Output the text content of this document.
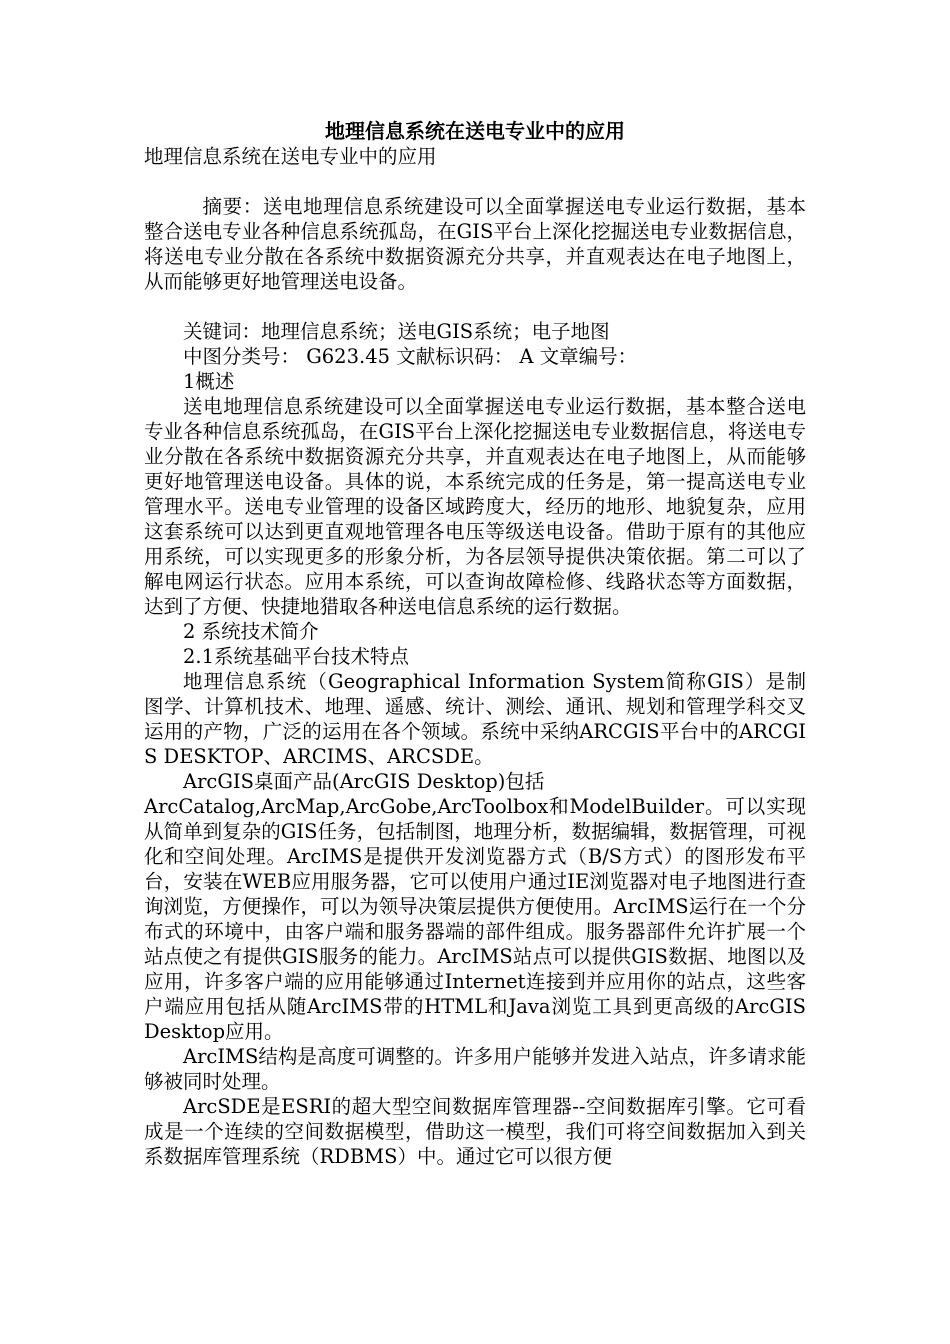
地理信息系统在送电专业中的应用

地理信息系统在送电专业中的应用

摘要：送电地理信息系统建设可以全面掌握送电专业运行数据，基本整合送电专业各种信息系统孤岛，在GIS平台上深化挖掘送电专业数据信息，将送电专业分散在各系统中数据资源充分共享，并直观表达在电子地图上，从而能够更好地管理送电设备。

关键词：地理信息系统；送电GIS系统；电子地图

中图分类号： G623.45 文献标识码： A 文章编号：

1概述

送电地理信息系统建设可以全面掌握送电专业运行数据，基本整合送电专业各种信息系统孤岛，在GIS平台上深化挖掘送电专业数据信息，将送电专业分散在各系统中数据资源充分共享，并直观表达在电子地图上，从而能够更好地管理送电设备。具体的说，本系统完成的任务是，第一提高送电专业管理水平。送电专业管理的设备区域跨度大，经历的地形、地貌复杂，应用这套系统可以达到更直观地管理各电压等级送电设备。借助于原有的其他应用系统，可以实现更多的形象分析，为各层领导提供决策依据。第二可以了解电网运行状态。应用本系统，可以查询故障检修、线路状态等方面数据，达到了方便、快捷地猎取各种送电信息系统的运行数据。

2 系统技术简介

2.1系统基础平台技术特点

地理信息系统（Geographical Information System简称GIS）是制图学、计算机技术、地理、遥感、统计、测绘、通讯、规划和管理学科交叉运用的产物，广泛的运用在各个领域。系统中采纳ARCGIS平台中的ARCGIS DESKTOP、ARCIMS、ARCSDE。

ArcGIS桌面产品(ArcGIS Desktop)包括

ArcCatalog,ArcMap,ArcGobe,ArcToolbox和ModelBuilder。可以实现从简单到复杂的GIS任务，包括制图，地理分析，数据编辑，数据管理，可视化和空间处理。ArcIMS是提供开发浏览器方式（B/S方式）的图形发布平台，安装在WEB应用服务器，它可以使用户通过IE浏览器对电子地图进行查询浏览，方便操作，可以为领导决策层提供方便使用。ArcIMS运行在一个分布式的环境中，由客户端和服务器端的部件组成。服务器部件允许扩展一个站点使之有提供GIS服务的能力。ArcIMS站点可以提供GIS数据、地图以及应用，许多客户端的应用能够通过Internet连接到并应用你的站点，这些客户端应用包括从随ArcIMS带的HTML和Java浏览工具到更高级的ArcGIS Desktop应用。

ArcIMS结构是高度可调整的。许多用户能够并发进入站点，许多请求能够被同时处理。

ArcSDE是ESRI的超大型空间数据库管理器--空间数据库引擎。它可看成是一个连续的空间数据模型，借助这一模型，我们可将空间数据加入到关系数据库管理系统（RDBMS）中。通过它可以很方便
